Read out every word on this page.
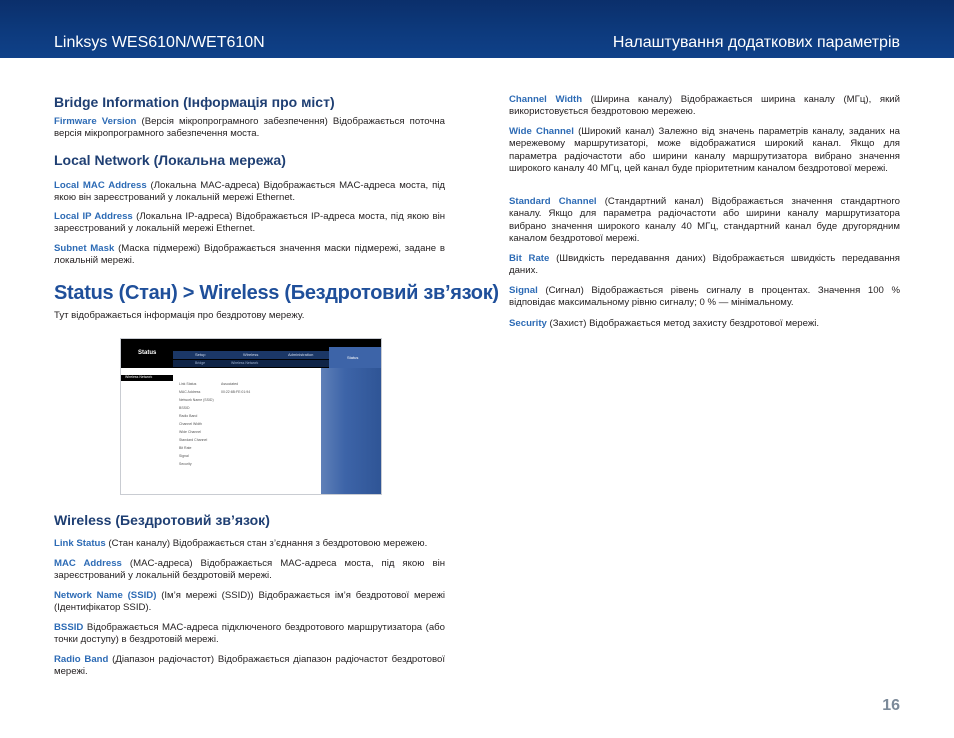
Linksys WES610N/WET610N	Налаштування додаткових параметрів
Bridge Information (Інформація про міст)
Firmware Version (Версія мікропрограмного забезпечення) Відображається поточна версія мікропрограмного забезпечення моста.
Local Network (Локальна мережа)
Local MAC Address (Локальна MAC-адреса) Відображається MAC-адреса моста, під якою він зареєстрований у локальній мережі Ethernet.
Local IP Address (Локальна IP-адреса) Відображається IP-адреса моста, під якою він зареєстрований у локальній мережі Ethernet.
Subnet Mask (Маска підмережі) Відображається значення маски підмережі, задане в локальній мережі.
Status (Стан) > Wireless (Бездротовий зв’язок)
Тут відображається інформація про бездротову мережу.
Status	Setup	Wireless	Administration
Bridge	Wireless Network
Status
Wireless Network
Link Status	Associated
MAC Address	00:22:6B:FE:01:94
Network Name (SSID)
BSSID
Radio Band
Channel Width
Wide Channel
Standard Channel
Bit Rate
Signal
Security
Wireless (Бездротовий зв’язок)
Link Status (Стан каналу) Відображається стан з’єднання з бездротовою мережею.
MAC Address (MAC-адреса) Відображається MAC-адреса моста, під якою він зареєстрований у локальній бездротовій мережі.
Network Name (SSID) (Ім’я мережі (SSID)) Відображається ім’я бездротової мережі (Ідентифікатор SSID).
BSSID Відображається MAC-адреса підключеного бездротового маршрутизатора (або точки доступу) в бездротовій мережі.
Radio Band (Діапазон радіочастот) Відображається діапазон радіочастот бездротової мережі.
Channel Width (Ширина каналу) Відображається ширина каналу (МГц), який використовується бездротовою мережею.
Wide Channel (Широкий канал) Залежно від значень параметрів каналу, заданих на мережевому маршрутизаторі, може відображатися широкий канал. Якщо для параметра радіочастоти або ширини каналу маршрутизатора вибрано значення широкого каналу 40 МГц, цей канал буде пріоритетним каналом бездротової мережі.
Standard Channel (Стандартний канал) Відображається значення стандартного каналу. Якщо для параметра радіочастоти або ширини каналу маршрутизатора вибрано значення широкого каналу 40 МГц, стандартний канал буде другорядним каналом бездротової мережі.
Bit Rate (Швидкість передавання даних) Відображається швидкість передавання даних.
Signal (Сигнал) Відображається рівень сигналу в процентах. Значення 100 % відповідає максимальному рівню сигналу; 0 % — мінімальному.
Security (Захист) Відображається метод захисту бездротової мережі.
16
